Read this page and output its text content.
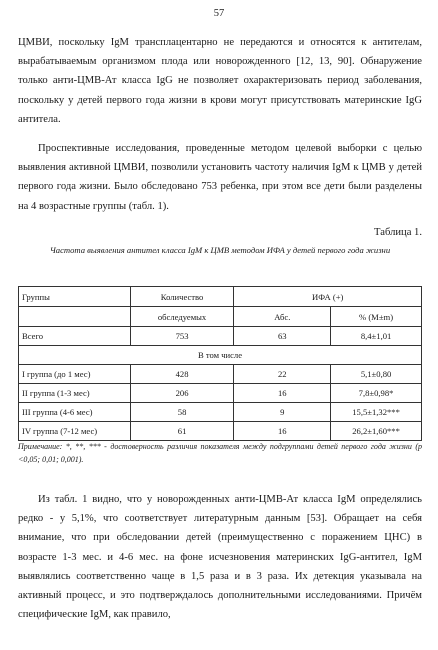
57

ЦМВИ, поскольку IgM трансплацентарно не передаются и относятся к антителам, вырабатываемым организмом плода или новорожденного [12, 13, 90]. Обнаружение только анти-ЦМВ-Ат класса IgG не позволяет охарактеризовать период заболевания, поскольку у детей первого года жизни в крови могут присутствовать материнские IgG антитела.

Проспективные исследования, проведенные методом целевой выборки с целью выявления активной ЦМВИ, позволили установить частоту наличия IgM к ЦМВ у детей первого года жизни. Было обследовано 753 ребенка, при этом все дети были разделены на 4 возрастные группы (табл. 1).

Таблица 1.
Частота выявления антител класса IgM к ЦМВ методом ИФА у детей первого года жизни
Группы	Количество	ИФА (+)	
	обследуемых	Абс.	% (M±m)
Всего	753	63	8,4±1,01
В том числе			
I группа (до 1 мес)	428	22	5,1±0,80
II группа (1-3 мес)	206	16	7,8±0,98*
III группа (4-6 мес)	58	9	15,5±1,32***
IV группа (7-12 мес)	61	16	26,2±1,60***
Примечание: *, **, *** - достоверность различия показателя между подгруппами детей первого года жизни (р <0,05; 0,01; 0,001).

Из табл. 1 видно, что у новорожденных анти-ЦМВ-Ат класса IgM определялись редко - у 5,1%, что соответствует литературным данным [53]. Обращает на себя внимание, что при обследовании детей (преимущественно с поражением ЦНС) в возрасте 1-3 мес. и 4-6 мес. на фоне исчезновения материнских IgG-антител, IgM выявлялись соответственно чаще в 1,5 раза и в 3 раза. Их детекция указывала на активный процесс, и это подтверждалось дополнительными исследованиями. Причём специфические IgM, как правило,
